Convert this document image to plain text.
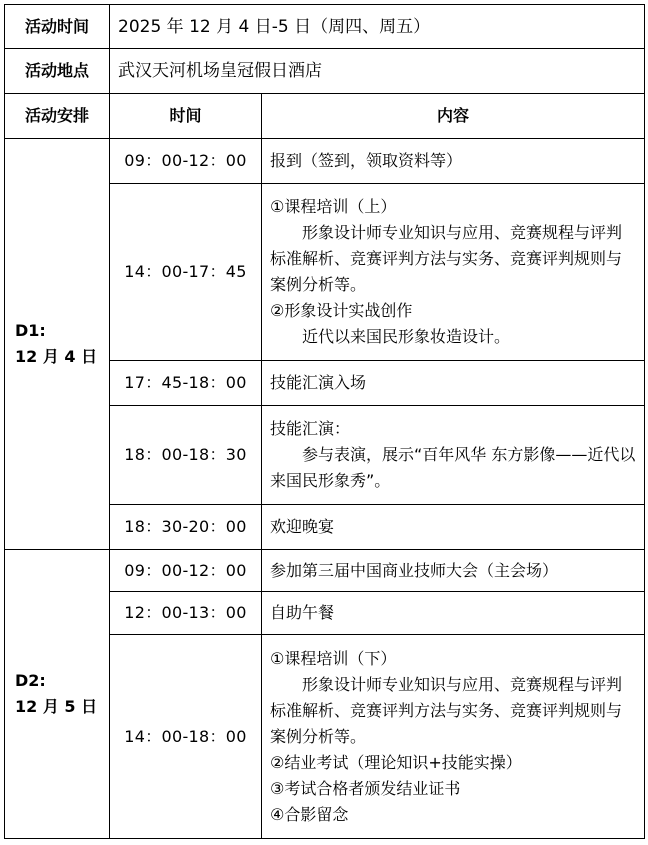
活动时间	2025 年 12 月 4 日-5 日（周四、周五）	
活动地点	武汉天河机场皇冠假日酒店	
活动安排	时间	内容

D1:
12 月 4 日	09：00-12：00	报到（签到，领取资料等）

	14：00-17：45	①课程培训（上）

形象设计师专业知识与应用、竞赛规程与评判标准解析、竞赛评判方法与实务、竞赛评判规则与案例分析等。

②形象设计实战创作

近代以来国民形象妆造设计。

	17：45-18：00	技能汇演入场

	18：00-18：30	技能汇演：

参与表演，展示“百年风华 东方影像——近代以来国民形象秀”。

	18：30-20：00	欢迎晚宴

D2:
12 月 5 日	09：00-12：00	参加第三届中国商业技师大会（主会场）

	12：00-13：00	自助午餐

	14：00-18：00	①课程培训（下）

形象设计师专业知识与应用、竞赛规程与评判标准解析、竞赛评判方法与实务、竞赛评判规则与案例分析等。

②结业考试（理论知识+技能实操）

③考试合格者颁发结业证书

④合影留念
